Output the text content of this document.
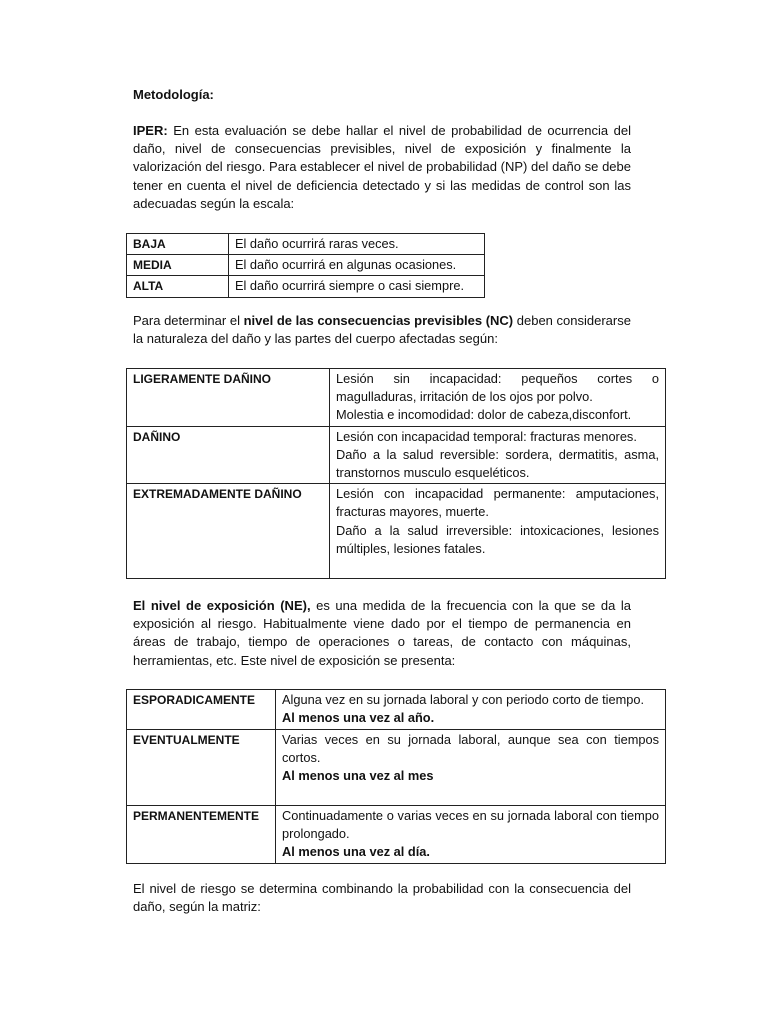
Metodología:
IPER: En esta evaluación se debe hallar el nivel de probabilidad de ocurrencia del daño, nivel de consecuencias previsibles, nivel de exposición y finalmente la valorización del riesgo. Para establecer el nivel de probabilidad (NP) del daño se debe tener en cuenta el nivel de deficiencia detectado y si las medidas de control son las adecuadas según la escala:
BAJA	El daño ocurrirá raras veces.
MEDIA	El daño ocurrirá en algunas ocasiones.
ALTA	El daño ocurrirá siempre o casi siempre.
Para determinar el nivel de las consecuencias previsibles (NC) deben considerarse la naturaleza del daño y las partes del cuerpo afectadas según:
LIGERAMENTE DAÑINO	Lesión sin incapacidad: pequeños cortes o magulladuras, irritación de los ojos por polvo.

Molestia e incomodidad: dolor de cabeza,disconfort.

DAÑINO	Lesión con incapacidad temporal: fracturas menores.

Daño a la salud reversible: sordera, dermatitis, asma, transtornos musculo esqueléticos.

EXTREMADAMENTE DAÑINO	Lesión con incapacidad permanente: amputaciones, fracturas mayores, muerte.

Daño a la salud irreversible: intoxicaciones, lesiones múltiples, lesiones fatales.

El nivel de exposición (NE), es una medida de la frecuencia con la que se da la exposición al riesgo. Habitualmente viene dado por el tiempo de permanencia en áreas de trabajo, tiempo de operaciones o tareas, de contacto con máquinas, herramientas, etc. Este nivel de exposición se presenta:
ESPORADICAMENTE	Alguna vez en su jornada laboral y con periodo corto de tiempo.

Al menos una vez al año.

EVENTUALMENTE	Varias veces en su jornada laboral, aunque sea con tiempos cortos.

Al menos una vez al mes

PERMANENTEMENTE	Continuadamente o varias veces en su jornada laboral con tiempo prolongado.

Al menos una vez al día.

El nivel de riesgo se determina combinando la probabilidad con la consecuencia del daño, según la matriz:
